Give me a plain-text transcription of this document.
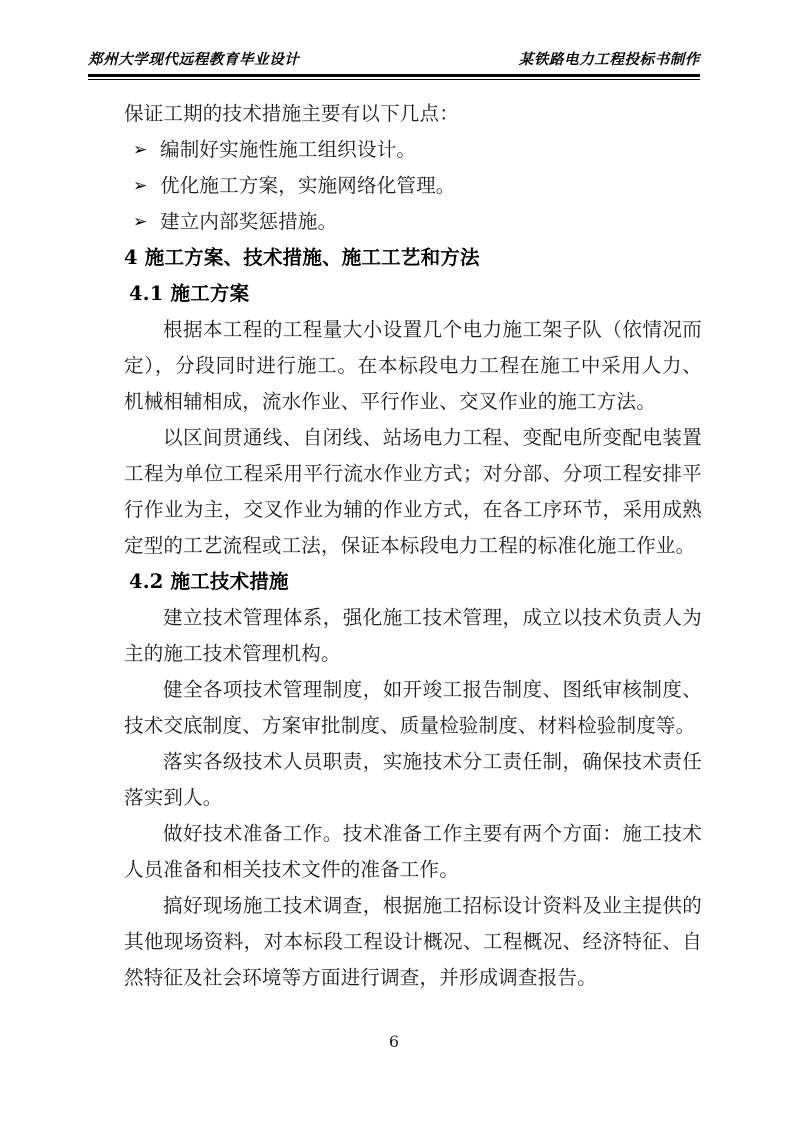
郑州大学现代远程教育毕业设计	某铁路电力工程投标书制作

保证工期的技术措施主要有以下几点：

➢ 编制好实施性施工组织设计。
➢ 优化施工方案，实施网络化管理。
➢ 建立内部奖惩措施。
4 施工方案、技术措施、施工工艺和方法
4.1 施工方案

根据本工程的工程量大小设置几个电力施工架子队（依情况而定），分段同时进行施工。在本标段电力工程在施工中采用人力、机械相辅相成，流水作业、平行作业、交叉作业的施工方法。

以区间贯通线、自闭线、站场电力工程、变配电所变配电装置工程为单位工程采用平行流水作业方式；对分部、分项工程安排平行作业为主，交叉作业为辅的作业方式，在各工序环节，采用成熟定型的工艺流程或工法，保证本标段电力工程的标准化施工作业。

4.2 施工技术措施

建立技术管理体系，强化施工技术管理，成立以技术负责人为主的施工技术管理机构。

健全各项技术管理制度，如开竣工报告制度、图纸审核制度、技术交底制度、方案审批制度、质量检验制度、材料检验制度等。

落实各级技术人员职责，实施技术分工责任制，确保技术责任落实到人。

做好技术准备工作。技术准备工作主要有两个方面：施工技术人员准备和相关技术文件的准备工作。

搞好现场施工技术调查，根据施工招标设计资料及业主提供的其他现场资料，对本标段工程设计概况、工程概况、经济特征、自然特征及社会环境等方面进行调查，并形成调查报告。

6
